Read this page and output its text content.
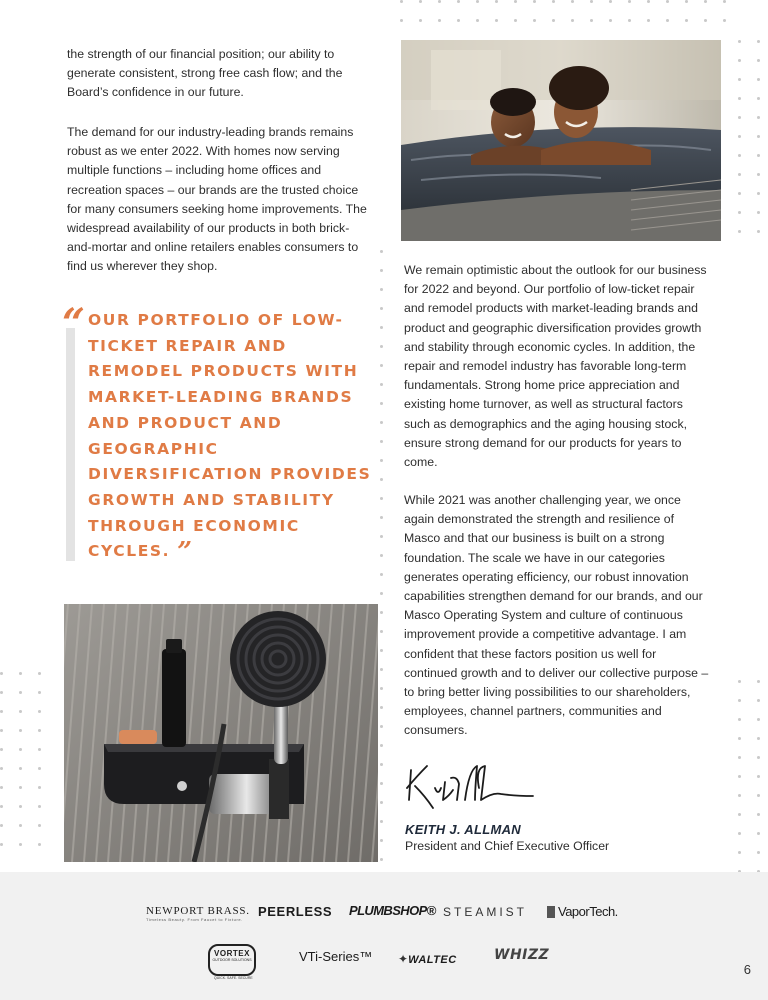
the strength of our financial position; our ability to generate consistent, strong free cash flow; and the Board’s confidence in our future.

The demand for our industry-leading brands remains robust as we enter 2022. With homes now serving multiple functions – including home offices and recreation spaces – our brands are the trusted choice for many consumers seeking home improvements. The widespread availability of our products in both brick-and-mortar and online retailers enables consumers to find us wherever they shop.

“ OUR PORTFOLIO OF LOW-TICKET REPAIR AND REMODEL PRODUCTS WITH MARKET-LEADING BRANDS AND PRODUCT AND GEOGRAPHIC DIVERSIFICATION PROVIDES GROWTH AND STABILITY THROUGH ECONOMIC CYCLES. ”

We remain optimistic about the outlook for our business for 2022 and beyond. Our portfolio of low-ticket repair and remodel products with market-leading brands and product and geographic diversification provides growth and stability through economic cycles. In addition, the repair and remodel industry has favorable long-term fundamentals. Strong home price appreciation and existing home turnover, as well as structural factors such as demographics and the aging housing stock, ensure strong demand for our products for years to come.

While 2021 was another challenging year, we once again demonstrated the strength and resilience of Masco and that our business is built on a strong foundation. The scale we have in our categories generates operating efficiency, our robust innovation capabilities strengthen demand for our brands, and our Masco Operating System and culture of continuous improvement provide a competitive advantage. I am confident that these factors position us well for continued growth and to deliver our collective purpose – to bring better living possibilities to our shareholders, employees, channel partners, communities and consumers.

KEITH J. ALLMAN
President and Chief Executive Officer
NEWPORT BRASS.
Timeless Beauty. From Faucet to Fixture.
PEERLESS PLUMBSHOP® STEAMIST	VaporTech.
VORTEX
OUTDOOR SOLUTIONS
QUICK. SAFE. SECURE
VTi-Series™ ✦WALTEC	WHIZZ
6
